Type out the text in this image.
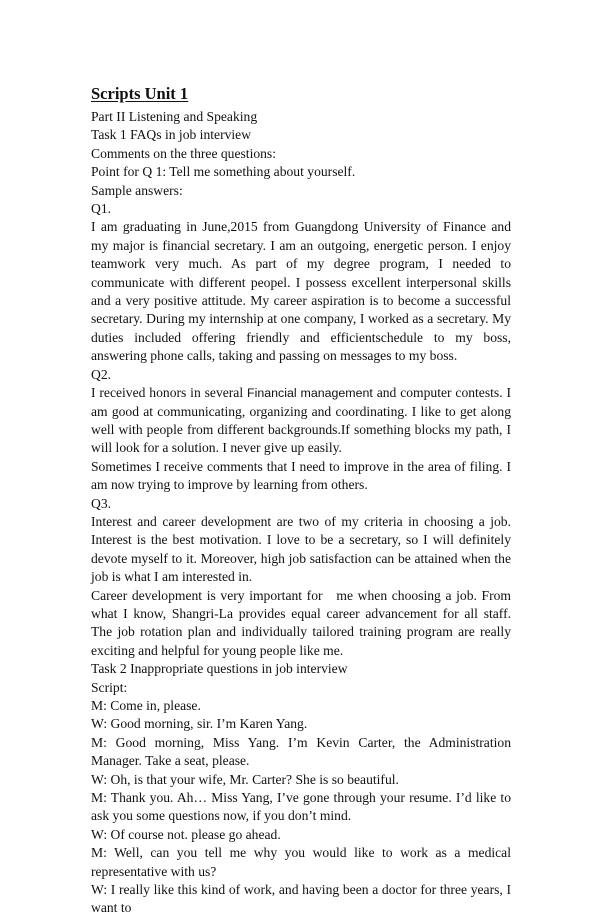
Scripts Unit 1

Part II Listening and Speaking

Task 1 FAQs in job interview

Comments on the three questions:

Point for Q 1: Tell me something about yourself.

Sample answers:

Q1.

I am graduating in June,2015 from Guangdong University of Finance and my major is financial secretary. I am an outgoing, energetic person. I enjoy teamwork very much. As part of my degree program, I needed to communicate with different peopel. I possess excellent interpersonal skills and a very positive attitude. My career aspiration is to become a successful secretary. During my internship at one company, I worked as a secretary. My duties included offering friendly and efficientschedule to my boss, answering phone calls, taking and passing on messages to my boss.

Q2.

I received honors in several Financial management and computer contests. I am good at communicating, organizing and coordinating. I like to get along well with people from different backgrounds.If something blocks my path, I will look for a solution. I never give up easily.

Sometimes I receive comments that I need to improve in the area of filing. I am now trying to improve by learning from others.

Q3.

Interest and career development are two of my criteria in choosing a job. Interest is the best motivation. I love to be a secretary, so I will definitely devote myself to it. Moreover, high job satisfaction can be attained when the job is what I am interested in.

Career development is very important for   me when choosing a job. From what I know, Shangri-La provides equal career advancement for all staff. The job rotation plan and individually tailored training program are really exciting and helpful for young people like me.

Task 2 Inappropriate questions in job interview

Script:

M: Come in, please.

W: Good morning, sir. I’m Karen Yang.

M: Good morning, Miss Yang. I’m Kevin Carter, the Administration Manager. Take a seat, please.

W: Oh, is that your wife, Mr. Carter? She is so beautiful.

M: Thank you. Ah… Miss Yang, I’ve gone through your resume. I’d like to ask you some questions now, if you don’t mind.

W: Of course not. please go ahead.

M: Well, can you tell me why you would like to work as a medical representative with us?

W: I really like this kind of work, and having been a doctor for three years, I want to
